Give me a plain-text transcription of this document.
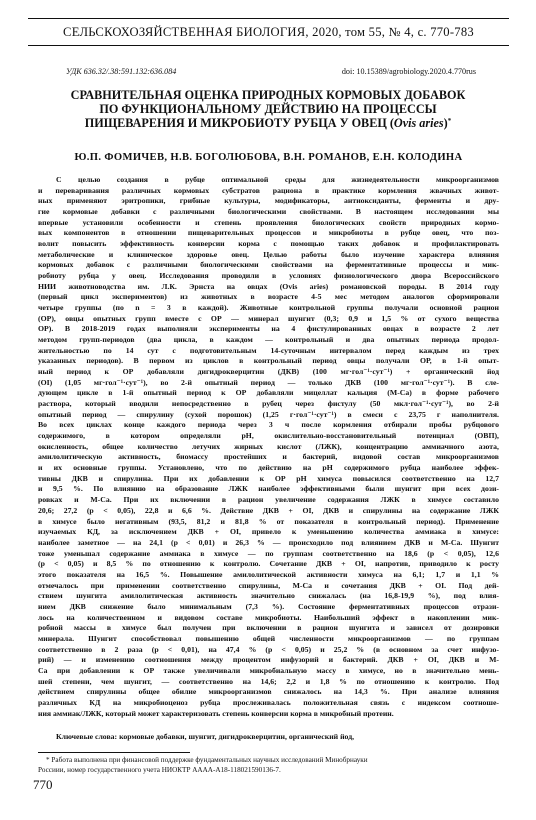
СЕЛЬСКОХОЗЯЙСТВЕННАЯ БИОЛОГИЯ, 2020, том 55, № 4, с. 770-783
УДК 636.32/.38:591.132:636.084	doi: 10.15389/agrobiology.2020.4.770rus
СРАВНИТЕЛЬНАЯ ОЦЕНКА ПРИРОДНЫХ КОРМОВЫХ ДОБАВОК
ПО ФУНКЦИОНАЛЬНОМУ ДЕЙСТВИЮ НА ПРОЦЕССЫ
ПИЩЕВАРЕНИЯ И МИКРОБИОТУ РУБЦА У ОВЕЦ (Ovis aries)*
Ю.П. ФОМИЧЕВ, Н.В. БОГОЛЮБОВА, В.Н. РОМАНОВ, Е.Н. КОЛОДИНА

С целью создания в рубце оптимальной среды для жизнедеятельности микроорганизмов
и переваривания различных кормовых субстратов рациона в практике кормления жвачных живот-
ных применяют эритропики, грибные культуры, модификаторы, антиоксиданты, ферменты и дру-
гие кормовые добавки с различными биологическими свойствами. В настоящем исследовании мы
впервые установили особенности и степень проявления биологических свойств природных кормо-
вых компонентов в отношении пищеварительных процессов и микробиоты в рубце овец, что поз-
волит повысить эффективность конверсии корма с помощью таких добавок и профилактировать
метаболические и клиническое здоровье овец. Целью работы было изучение характера влияния
кормовых добавок с различными биологическими свойствами на ферментативные процессы и мик-
робиоту рубца у овец. Исследования проводили в условиях физиологического двора Всероссийского
НИИ животноводства им. Л.К. Эрнста на овцах (Ovis aries) романовской породы. В 2014 году
(первый цикл экспериментов) из животных в возрасте 4-5 мес методом аналогов сформировали
четыре группы (по n = 3 в каждой). Животные контрольной группы получали основной рацион
(ОР), овцы опытных групп вместе с ОР — минерал шунгит (0,3; 0,9 и 1,5 % от сухого вещества
ОР). В 2018-2019 годах выполняли эксперименты на 4 фистулированных овцах в возрасте 2 лет
методом групп-периодов (два цикла, в каждом — контрольный и два опытных периода продол-
жительностью по 14 сут с подготовительным 14-суточным интервалом перед каждым из трех
указанных периодов). В первом из циклов в контрольный период овцы получали ОР, в 1-й опыт-
ный период к ОР добавляли дигидрокверцитин (ДКВ) (100 мг·гол⁻¹·сут⁻¹) + органический йод
(ОI) (1,05 мг·гол⁻¹·сут⁻¹), во 2-й опытный период — только ДКВ (100 мг·гол⁻¹·сут⁻¹). В сле-
дующем цикле в 1-й опытный период к ОР добавляли мицеллат кальция (М-Са) в форме рабочего
раствора, который вводили непосредственно в рубец через фистулу (50 мкл·гол⁻¹·сут⁻¹), во 2-й
опытный период — спирулину (сухой порошок) (1,25 г·гол⁻¹·сут⁻¹) в смеси с 23,75 г наполнителя.
Во всех циклах конце каждого периода через 3 ч после кормления отбирали пробы рубцового
содержимого, в котором определяли рН, окислительно-восстановительный потенциал (ОВП),
окисленность, общее количество летучих жирных кислот (ЛЖК), концентрацию аммиачного азота,
амилолитическую активность, биомассу простейших и бактерий, видовой состав микроорганизмов
и их основные группы. Установлено, что по действию на рН содержимого рубца наиболее эффек-
тивны ДКВ и спирулина. При их добавлении к ОР рН химуса повысился соответственно на 12,7
и 9,5 %. По влиянию на образование ЛЖК наиболее эффективными были шунгит при всех дози-
ровках и М-Са. При их включении в рацион увеличение содержания ЛЖК в химусе составило
20,6; 27,2 (р < 0,05), 22,8 и 6,6 %. Действие ДКВ + ОI, ДКВ и спирулины на содержание ЛЖК
в химусе было негативным (93,5, 81,2 и 81,8 % от показателя в контрольный период). Применение
изучаемых КД, за исключением ДКВ + ОI, привело к уменьшению количества аммиака в химусе:
наиболее заметное — на 24,1 (р < 0,01) и 26,3 % — происходило под влиянием ДКВ и М-Са. Шунгит
тоже уменьшал содержание аммиака в химусе — по группам соответственно на 18,6 (р < 0,05), 12,6
(р < 0,05) и 8,5 % по отношению к контролю. Сочетание ДКВ + ОI, напротив, приводило к росту
этого показателя на 16,5 %. Повышение амилолитической активности химуса на 6,1; 1,7 и 1,1 %
отмечалось при применении соответственно спирулины, М-Са и сочетания ДКВ + ОI. Под дей-
ствием шунгита амилолитическая активность значительно снижалась (на 16,8-19,9 %), под влия-
нием ДКВ снижение было минимальным (7,3 %). Состояние ферментативных процессов отрази-
лось на количественном и видовом составе микробиоты. Наибольший эффект в накоплении мик-
робной массы в химусе был получен при включении в рацион шунгита и зависел от дозировки
минерала. Шунгит способствовал повышению общей численности микроорганизмов — по группам
соответственно в 2 раза (р < 0,01), на 47,4 % (р < 0,05) и 25,2 % (в основном за счет инфузо-
рий) — и изменению соотношения между процентом инфузорий и бактерий. ДКВ + ОI, ДКВ и М-
Са при добавлении к ОР также увеличивали микробиальную массу в химусе, но в значительно мень-
шей степени, чем шунгит, — соответственно на 14,6; 2,2 и 1,8 % по отношению к контролю. Под
действием спирулины общее обилие микроорганизмов снижалось на 14,3 %. При анализе влияния
различных КД на микробиоценоз рубца прослеживалась положительная связь с индексом соотноше-
ния аммиак/ЛЖК, который может характеризовать степень конверсии корма в микробный протеин.

Ключевые слова: кормовые добавки, шунгит, дигидрокверцитин, органический йод,
* Работа выполнена при финансовой поддержке фундаментальных научных исследований Минобрнауки
Россиии, номер государственного учета НИОКТР АААА-А18-118021590136-7.
770
